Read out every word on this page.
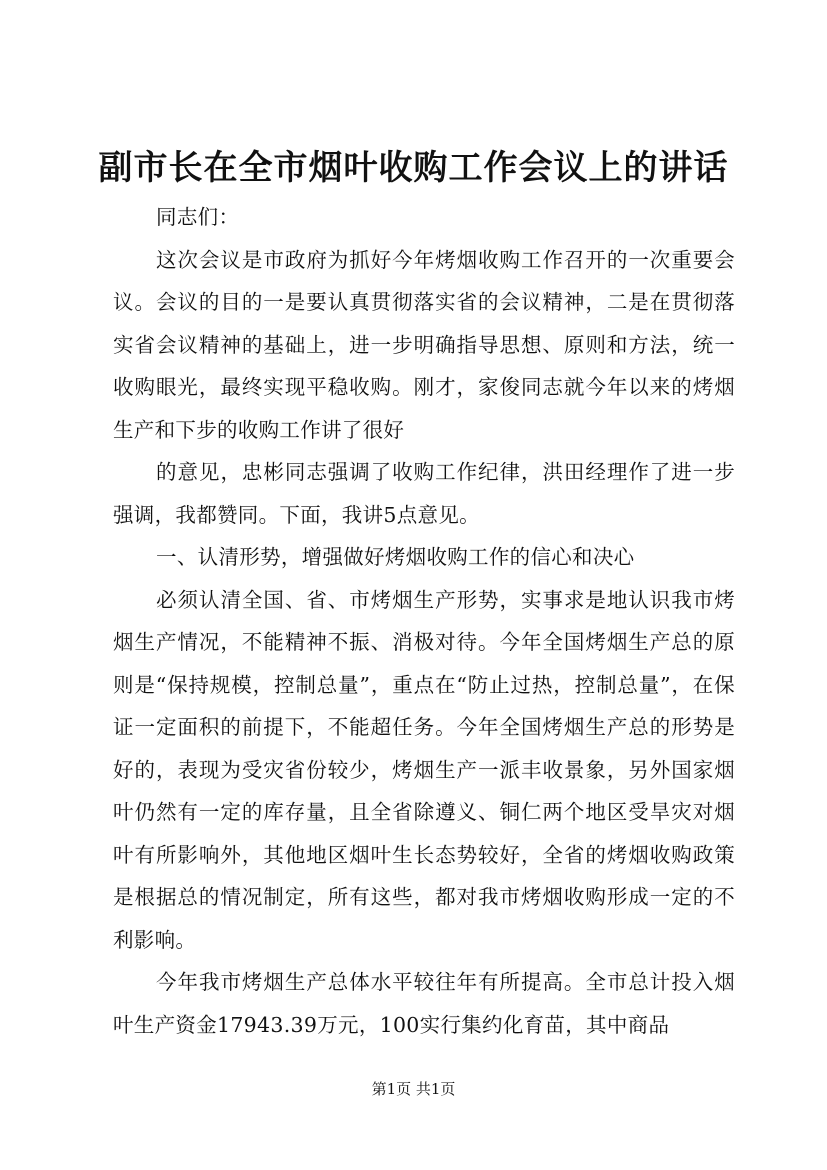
副市长在全市烟叶收购工作会议上的讲话

同志们：

这次会议是市政府为抓好今年烤烟收购工作召开的一次重要会议。会议的目的一是要认真贯彻落实省的会议精神，二是在贯彻落实省会议精神的基础上，进一步明确指导思想、原则和方法，统一收购眼光，最终实现平稳收购。刚才，家俊同志就今年以来的烤烟生产和下步的收购工作讲了很好

的意见，忠彬同志强调了收购工作纪律，洪田经理作了进一步强调，我都赞同。下面，我讲5点意见。

一、认清形势，增强做好烤烟收购工作的信心和决心

必须认清全国、省、市烤烟生产形势，实事求是地认识我市烤烟生产情况，不能精神不振、消极对待。今年全国烤烟生产总的原则是“保持规模，控制总量”，重点在“防止过热，控制总量”，在保证一定面积的前提下，不能超任务。今年全国烤烟生产总的形势是好的，表现为受灾省份较少，烤烟生产一派丰收景象，另外国家烟叶仍然有一定的库存量，且全省除遵义、铜仁两个地区受旱灾对烟叶有所影响外，其他地区烟叶生长态势较好，全省的烤烟收购政策是根据总的情况制定，所有这些，都对我市烤烟收购形成一定的不利影响。

今年我市烤烟生产总体水平较往年有所提高。全市总计投入烟叶生产资金17943.39万元，100实行集约化育苗，其中商品

第1页 共1页
